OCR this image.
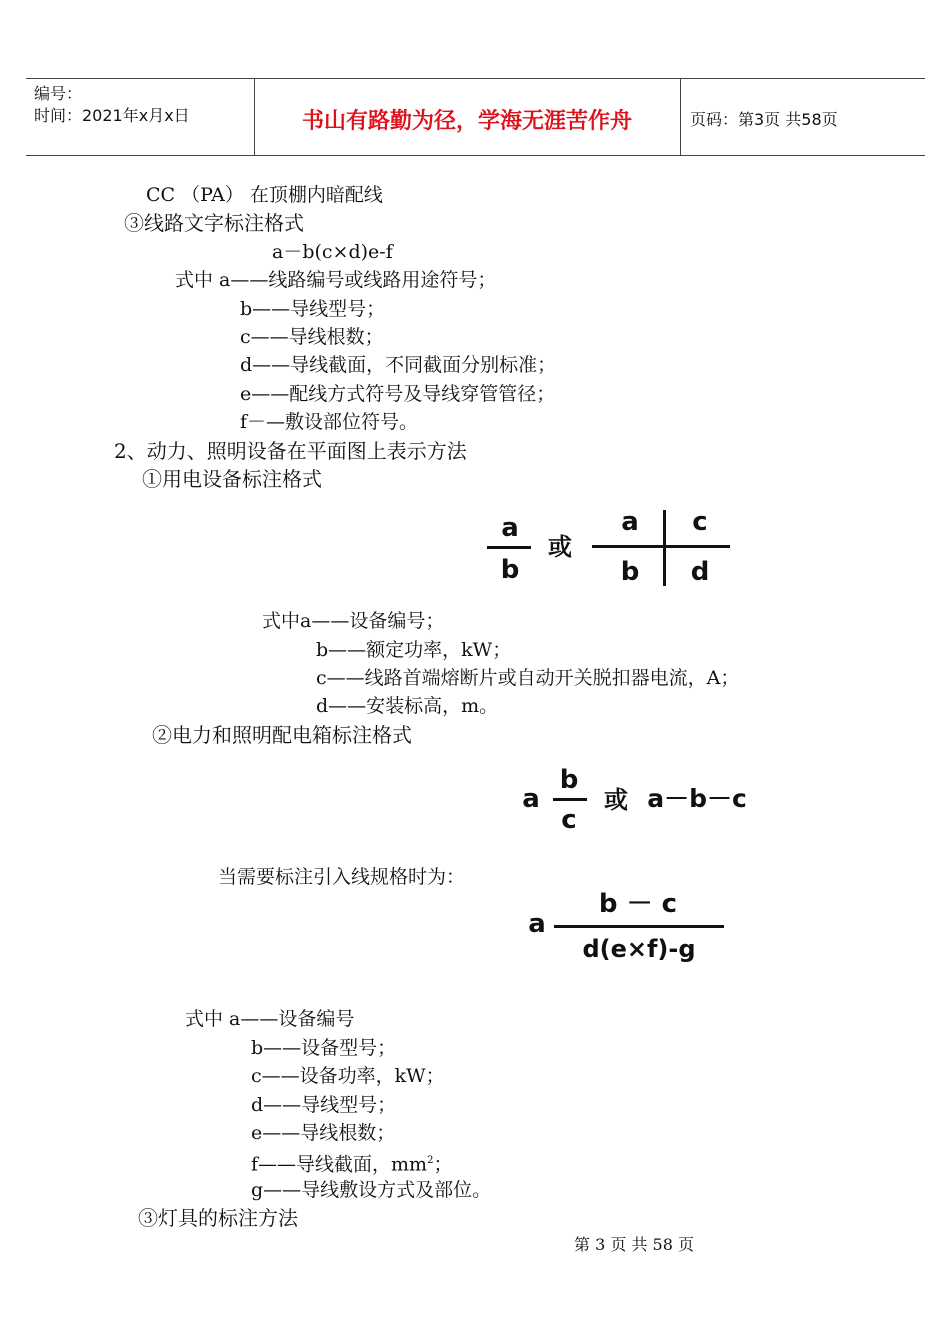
编号：
时间：2021年x月x日	书山有路勤为径，学海无涯苦作舟	页码：第3页 共58页
CC （PA） 在顶棚内暗配线
③线路文字标注格式
a－b(c×d)e-f
式中 a——线路编号或线路用途符号；
b——导线型号；
c——导线根数；
d——导线截面，不同截面分别标准；
e——配线方式符号及导线穿管管径；
f－—敷设部位符号。
2、动力、照明设备在平面图上表示方法
①用电设备标注格式
a
b
或
a c
b d
式中a——设备编号；
b——额定功率，kW；
c——线路首端熔断片或自动开关脱扣器电流，A；
d——安装标高，m。
②电力和照明配电箱标注格式
a
b
c
或 a－b－c
当需要标注引入线规格时为：
a
b － c
d(e×f)-g
式中 a——设备编号
b——设备型号；
c——设备功率，kW；
d——导线型号；
e——导线根数；
f——导线截面，$mm^2$；
g——导线敷设方式及部位。
③灯具的标注方法
第 3 页 共 58 页
